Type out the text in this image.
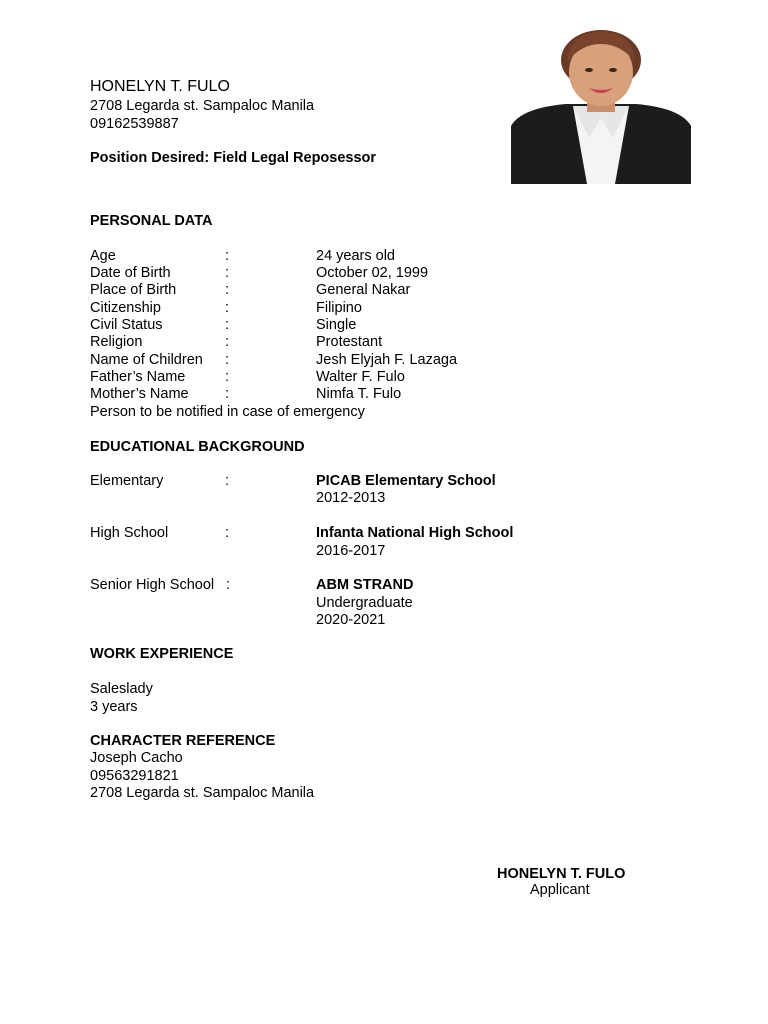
HONELYN T. FULO
2708 Legarda st. Sampaloc Manila
09162539887
Position Desired: Field Legal Reposessor
PERSONAL DATA
Age	:	24 years old
Date of Birth	:	October 02, 1999
Place of Birth	:	General Nakar
Citizenship	:	Filipino
Civil Status	:	Single
Religion	:	Protestant
Name of Children :	Jesh Elyjah F. Lazaga
Father’s Name	:	Walter F. Fulo
Mother’s Name	:	Nimfa T. Fulo
Person to be notified in case of emergency
EDUCATIONAL BACKGROUND
Elementary	:	PICAB Elementary School
2012-2013
High School	:	Infanta National High School
2016-2017
Senior High School :	ABM STRAND
Undergraduate
2020-2021
WORK EXPERIENCE
Saleslady
3 years
CHARACTER REFERENCE
Joseph Cacho
09563291821
2708 Legarda st. Sampaloc Manila
HONELYN T. FULO
Applicant
